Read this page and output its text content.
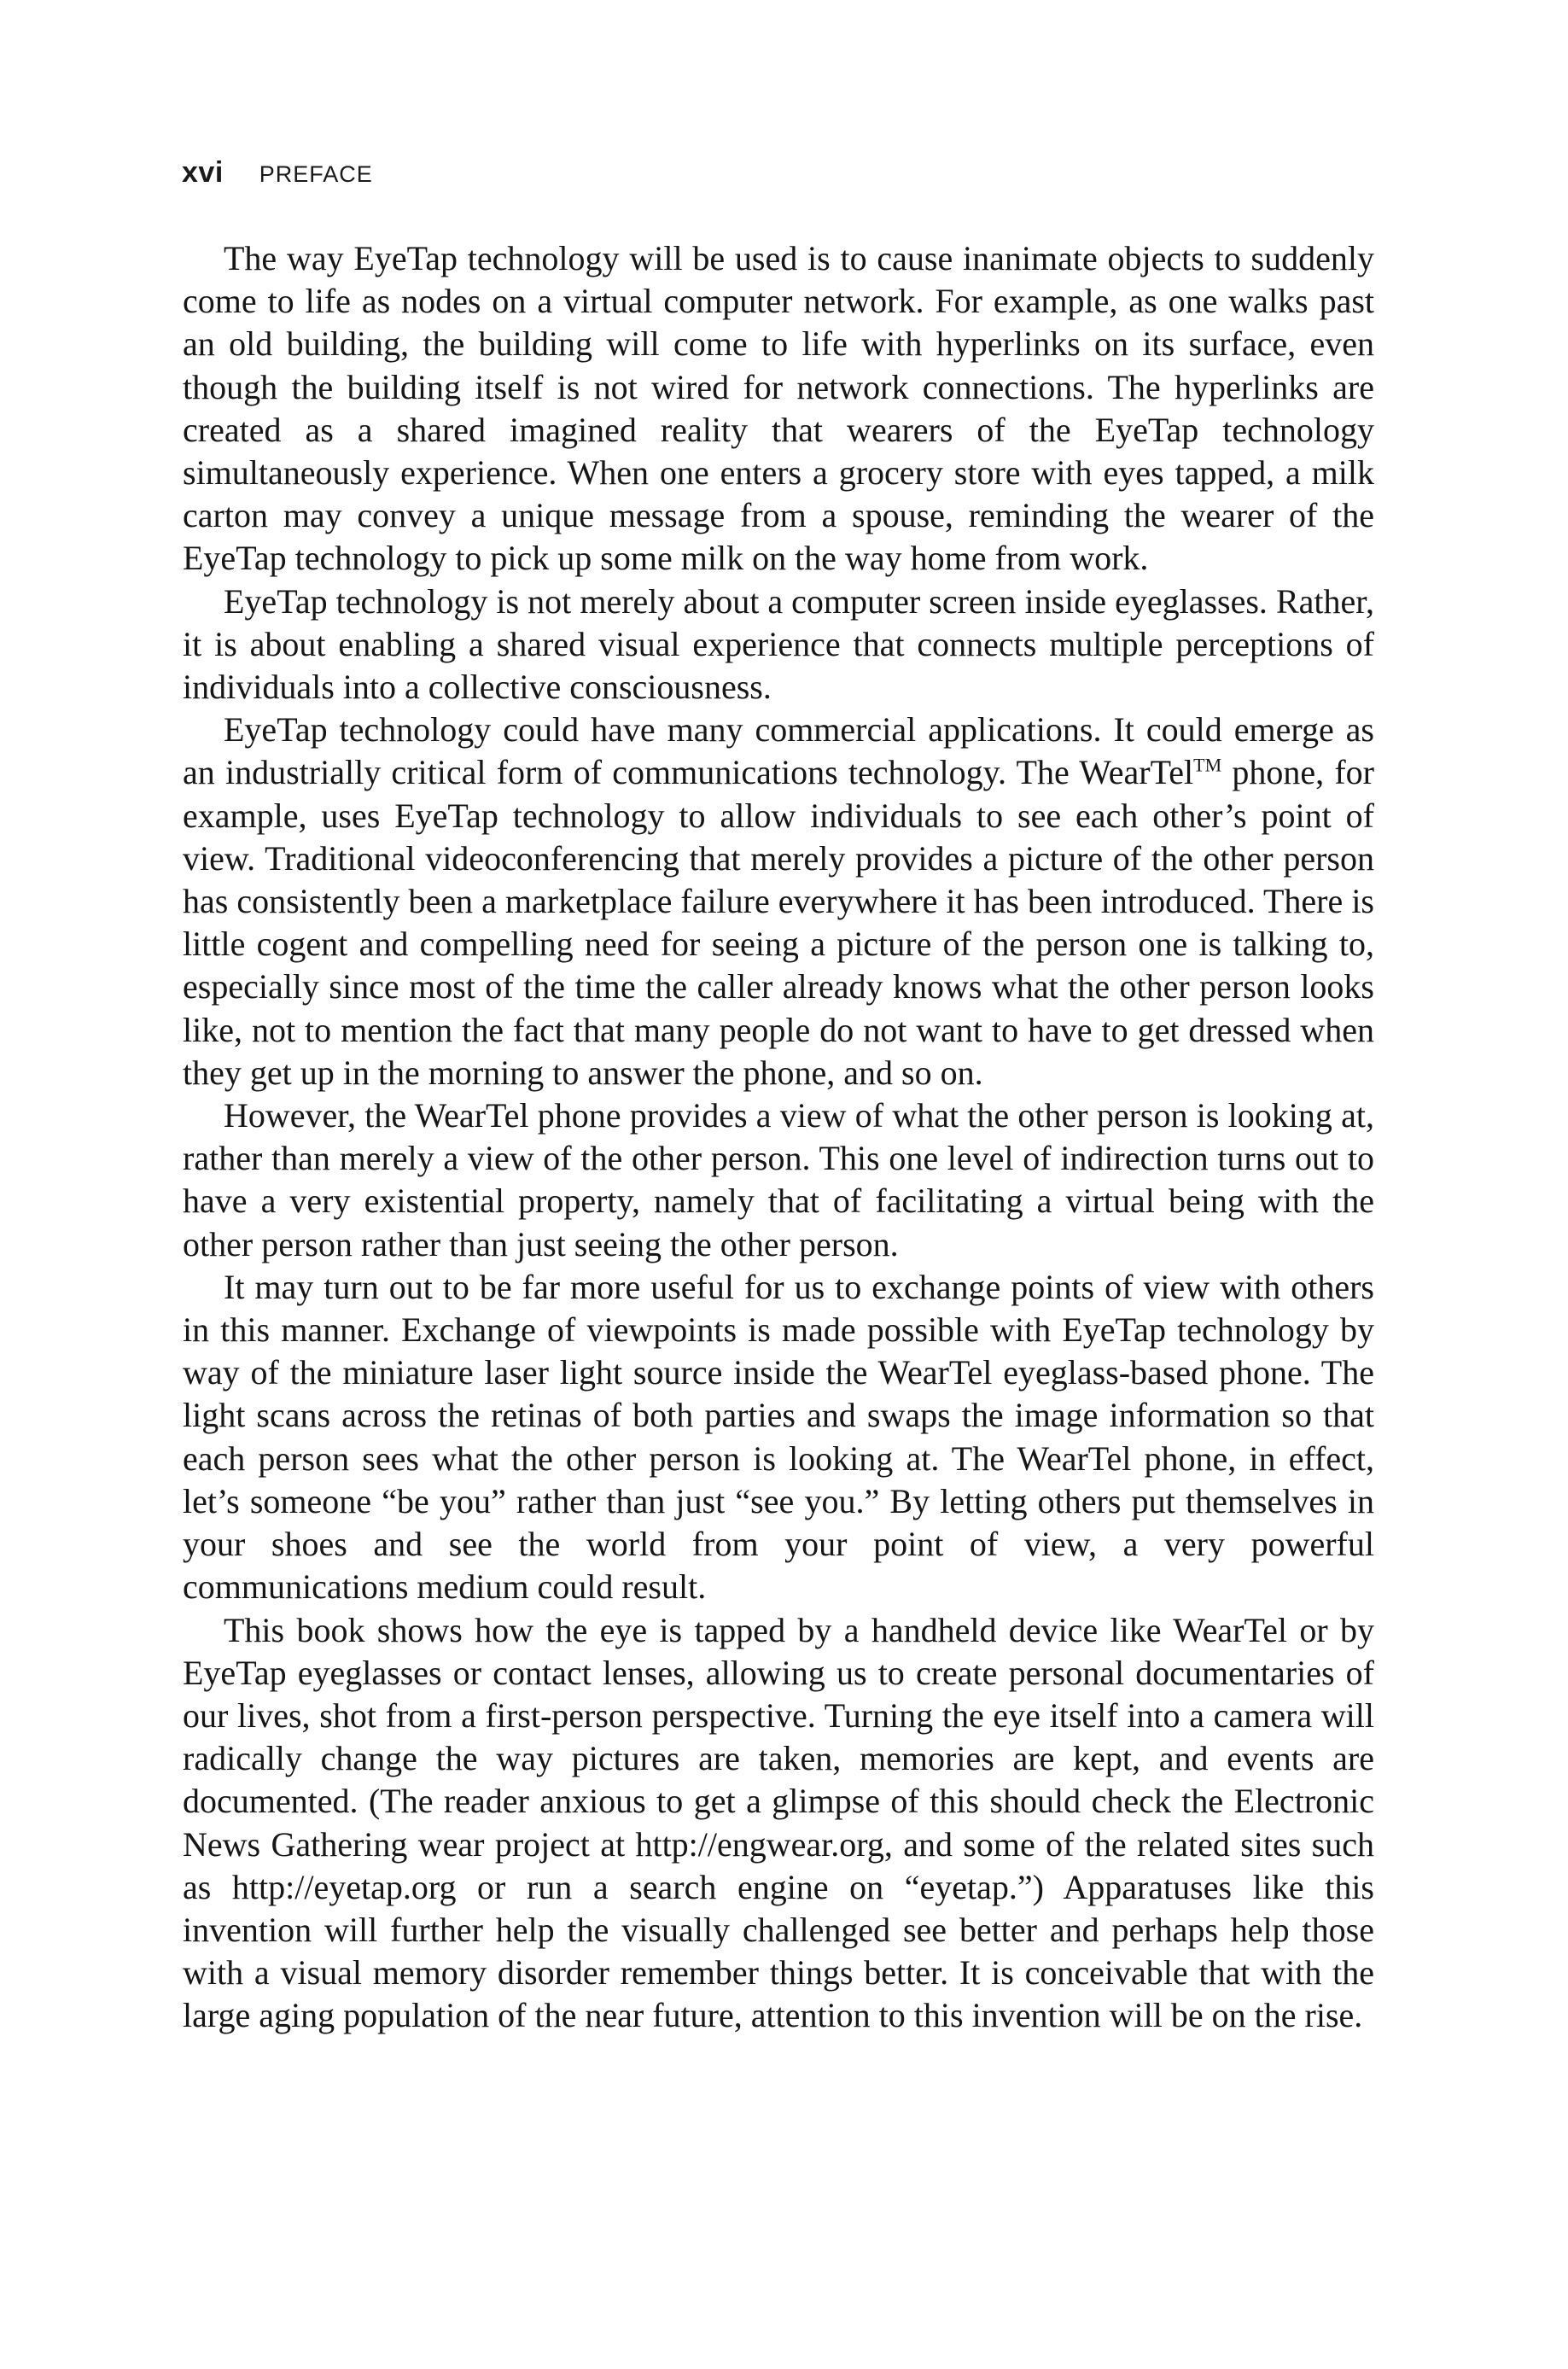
xvi PREFACE

The way EyeTap technology will be used is to cause inanimate objects to suddenly come to life as nodes on a virtual computer network. For example, as one walks past an old building, the building will come to life with hyperlinks on its surface, even though the building itself is not wired for network connections. The hyperlinks are created as a shared imagined reality that wearers of the EyeTap technology simultaneously experience. When one enters a grocery store with eyes tapped, a milk carton may convey a unique message from a spouse, reminding the wearer of the EyeTap technology to pick up some milk on the way home from work.

EyeTap technology is not merely about a computer screen inside eyeglasses. Rather, it is about enabling a shared visual experience that connects multiple perceptions of individuals into a collective consciousness.

EyeTap technology could have many commercial applications. It could emerge as an industrially critical form of communications technology. The WearTel™ phone, for example, uses EyeTap technology to allow individuals to see each other’s point of view. Traditional videoconferencing that merely provides a picture of the other person has consistently been a marketplace failure everywhere it has been introduced. There is little cogent and compelling need for seeing a picture of the person one is talking to, especially since most of the time the caller already knows what the other person looks like, not to mention the fact that many people do not want to have to get dressed when they get up in the morning to answer the phone, and so on.

However, the WearTel phone provides a view of what the other person is looking at, rather than merely a view of the other person. This one level of indirection turns out to have a very existential property, namely that of facilitating a virtual being with the other person rather than just seeing the other person.

It may turn out to be far more useful for us to exchange points of view with others in this manner. Exchange of viewpoints is made possible with EyeTap technology by way of the miniature laser light source inside the WearTel eyeglass-based phone. The light scans across the retinas of both parties and swaps the image information so that each person sees what the other person is looking at. The WearTel phone, in effect, let’s someone “be you” rather than just “see you.” By letting others put themselves in your shoes and see the world from your point of view, a very powerful communications medium could result.

This book shows how the eye is tapped by a handheld device like WearTel or by EyeTap eyeglasses or contact lenses, allowing us to create personal documentaries of our lives, shot from a first-person perspective. Turning the eye itself into a camera will radically change the way pictures are taken, memories are kept, and events are documented. (The reader anxious to get a glimpse of this should check the Electronic News Gathering wear project at http://engwear.org, and some of the related sites such as http://eyetap.org or run a search engine on “eyetap.”) Apparatuses like this invention will further help the visually challenged see better and perhaps help those with a visual memory disorder remember things better. It is conceivable that with the large aging population of the near future, attention to this invention will be on the rise.
